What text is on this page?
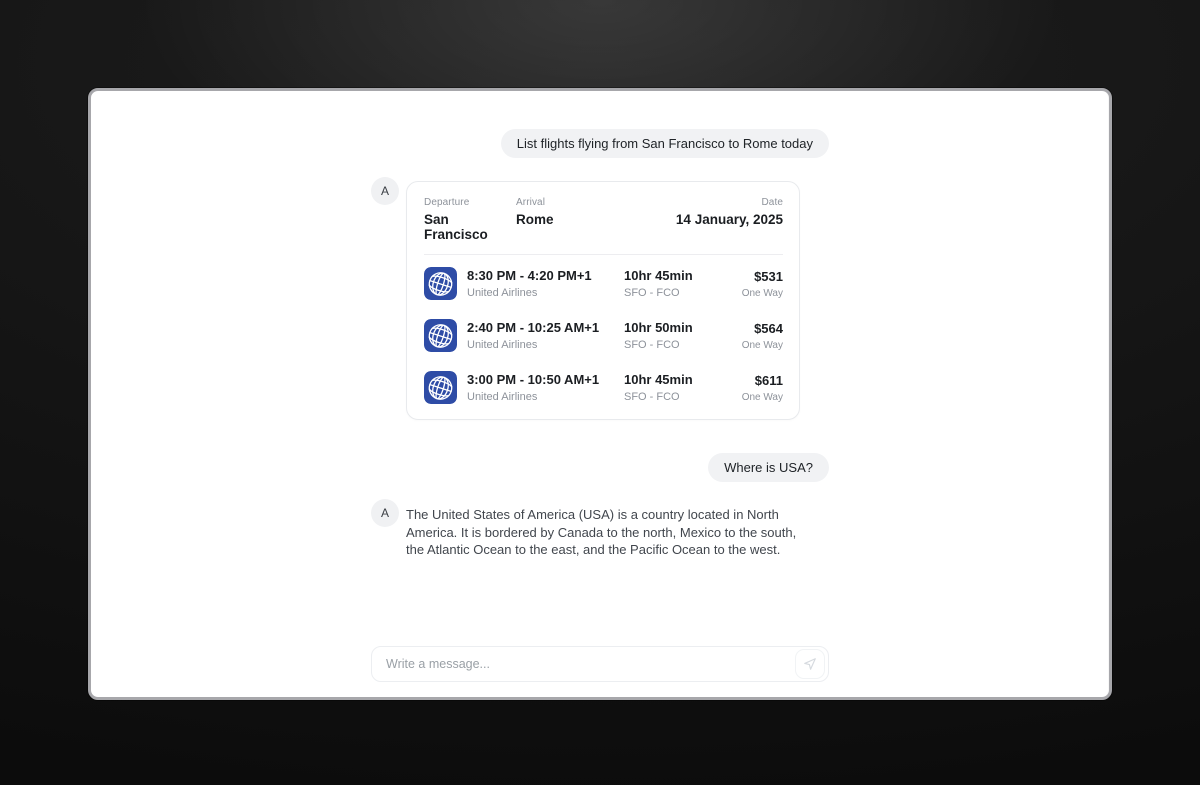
List flights flying from San Francisco to Rome today
A
Departure
San Francisco
Arrival
Rome
Date
14 January, 2025
8:30 PM - 4:20 PM+1
United Airlines
10hr 45min
SFO - FCO
$531
One Way
2:40 PM - 10:25 AM+1
United Airlines
10hr 50min
SFO - FCO
$564
One Way
3:00 PM - 10:50 AM+1
United Airlines
10hr 45min
SFO - FCO
$611
One Way
Where is USA?
A	The United States of America (USA) is a country located in North America. It is bordered by Canada to the north, Mexico to the south, the Atlantic Ocean to the east, and the Pacific Ocean to the west.

Write a message...
